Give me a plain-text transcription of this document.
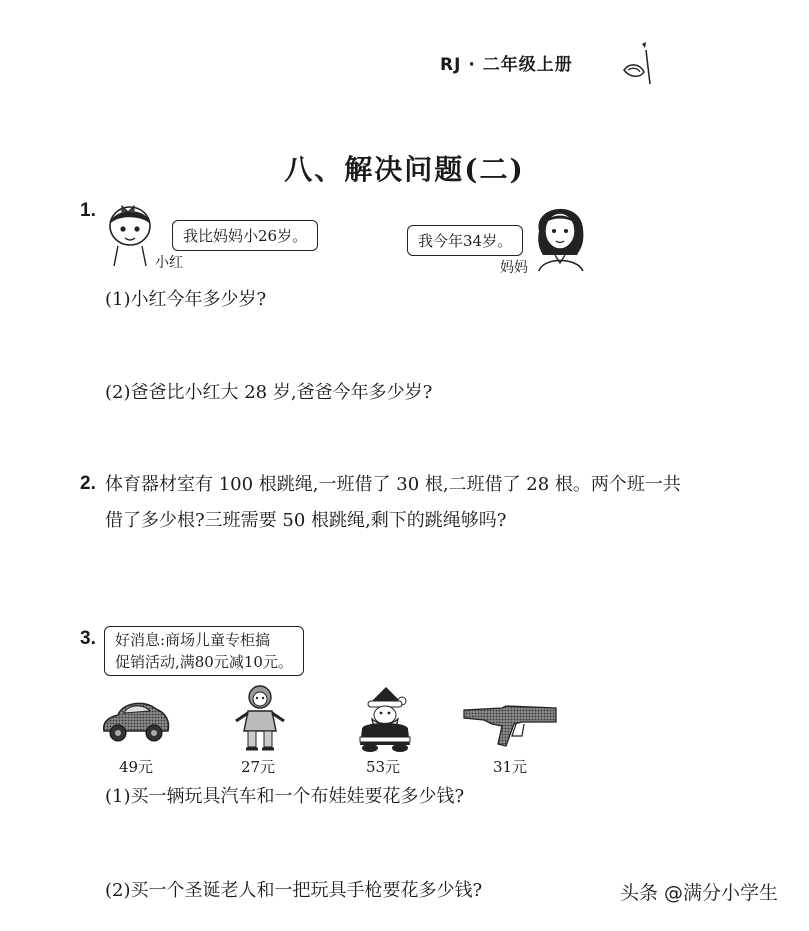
RJ · 二年级上册
八、解决问题(二)
1.
我比妈妈小26岁。
小红
我今年34岁。
妈妈
(1)小红今年多少岁?
(2)爸爸比小红大 28 岁,爸爸今年多少岁?
2. 体育器材室有 100 根跳绳,一班借了 30 根,二班借了 28 根。两个班一共
借了多少根?三班需要 50 根跳绳,剩下的跳绳够吗?
3. 好消息:商场儿童专柜搞
促销活动,满80元减10元。
49元	27元	53元	31元
(1)买一辆玩具汽车和一个布娃娃要花多少钱?
(2)买一个圣诞老人和一把玩具手枪要花多少钱?	头条 @满分小学生
